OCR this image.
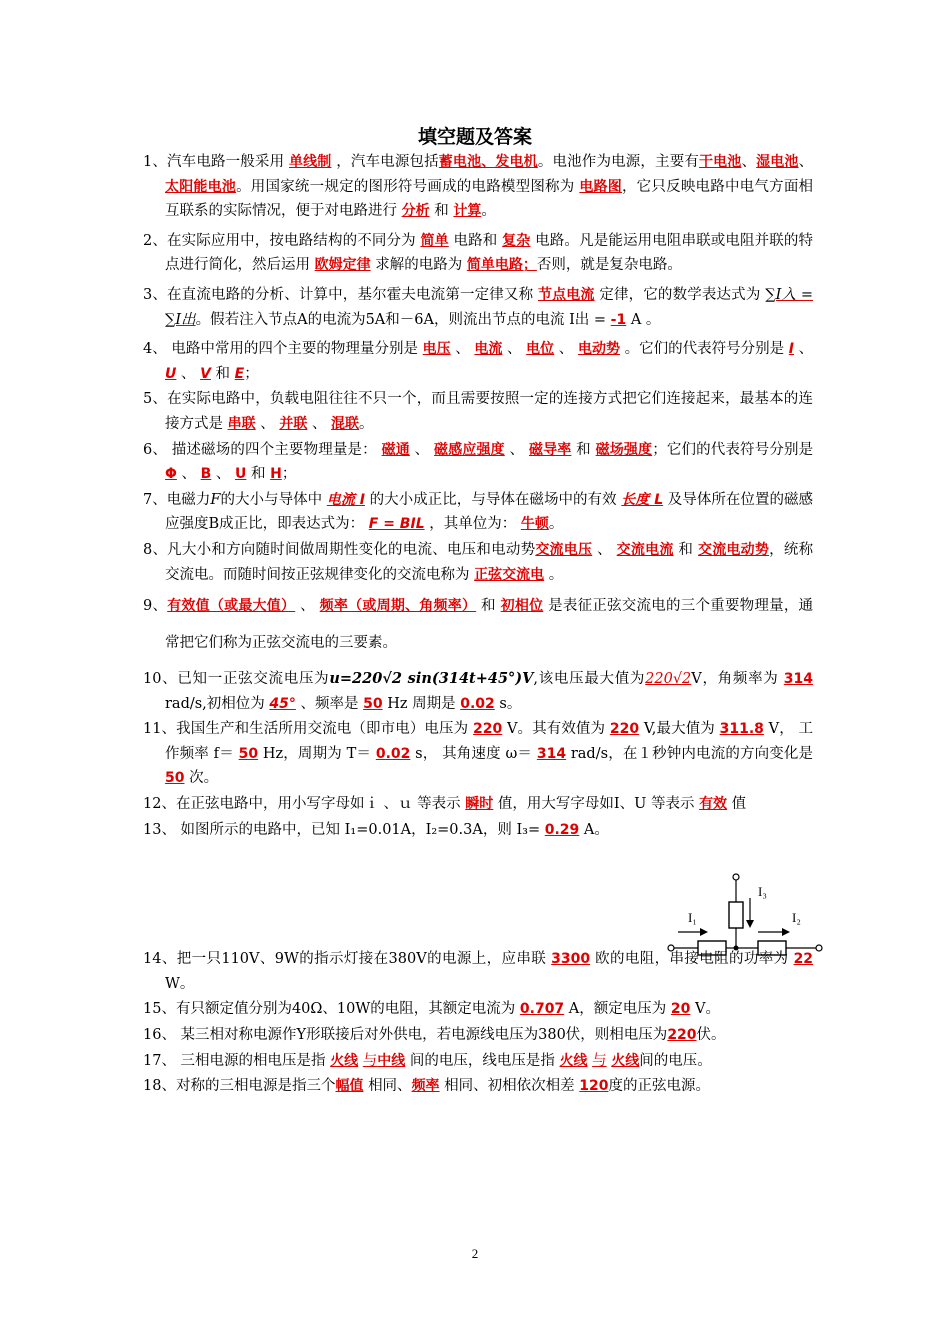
填空题及答案

1、汽车电路一般采用 单线制 ，汽车电源包括蓄电池、发电机。电池作为电源，主要有干电池、湿电池、太阳能电池。用国家统一规定的图形符号画成的电路模型图称为 电路图，它只反映电路中电气方面相互联系的实际情况，便于对电路进行 分析 和 计算。

2、在实际应用中，按电路结构的不同分为 简单 电路和 复杂 电路。凡是能运用电阻串联或电阻并联的特点进行简化，然后运用 欧姆定律 求解的电路为 简单电路；否则，就是复杂电路。

3、在直流电路的分析、计算中，基尔霍夫电流第一定律又称 节点电流 定律，它的数学表达式为 ∑I入 = ∑I出。假若注入节点A的电流为5A和－6A，则流出节点的电流 I出 = -1 A 。

4、 电路中常用的四个主要的物理量分别是 电压 、 电流 、 电位 、 电动势 。它们的代表符号分别是 I 、 U 、 V 和 E；

5、在实际电路中，负载电阻往往不只一个，而且需要按照一定的连接方式把它们连接起来，最基本的连接方式是 串联 、 并联 、 混联。

6、 描述磁场的四个主要物理量是： 磁通 、 磁感应强度 、 磁导率 和 磁场强度；它们的代表符号分别是 Φ 、 B 、 U 和 H；

7、电磁力F的大小与导体中 电流 I 的大小成正比，与导体在磁场中的有效 长度 L 及导体所在位置的磁感应强度B成正比，即表达式为： F = BIL ，其单位为： 牛顿。

8、凡大小和方向随时间做周期性变化的电流、电压和电动势交流电压 、 交流电流 和 交流电动势，统称交流电。而随时间按正弦规律变化的交流电称为 正弦交流电 。

9、有效值（或最大值） 、 频率（或周期、角频率） 和 初相位 是表征正弦交流电的三个重要物理量，通常把它们称为正弦交流电的三要素。

10、已知一正弦交流电压为u=220√2 sin(314t+45°)V,该电压最大值为220√2V，角频率为 314 rad/s,初相位为 45° 、频率是 50 Hz 周期是 0.02 s。

11、我国生产和生活所用交流电（即市电）电压为 220 V。其有效值为 220 V,最大值为 311.8 V， 工作频率 f＝ 50 Hz，周期为 T＝ 0.02 s， 其角速度 ω＝ 314 rad/s，在１秒钟内电流的方向变化是 50 次。

12、在正弦电路中，用小写字母如ｉ 、ｕ 等表示 瞬时 值，用大写字母如I、U 等表示 有效 值

13、 如图所示的电路中，已知 I₁=0.01A，I₂=0.3A，则 I₃= 0.29 A。

14、把一只110V、9W的指示灯接在380V的电源上，应串联 3300 欧的电阻，串接电阻的功率为 22 W。

15、有只额定值分别为40Ω、10W的电阻，其额定电流为 0.707 A，额定电压为 20 V。

16、 某三相对称电源作Y形联接后对外供电，若电源线电压为380伏，则相电压为220伏。

17、 三相电源的相电压是指 火线 与中线 间的电压，线电压是指 火线 与 火线间的电压。

18、对称的三相电源是指三个幅值 相同、频率 相同、初相依次相差 120度的正弦电源。

I₁	I₂
I₃
2
